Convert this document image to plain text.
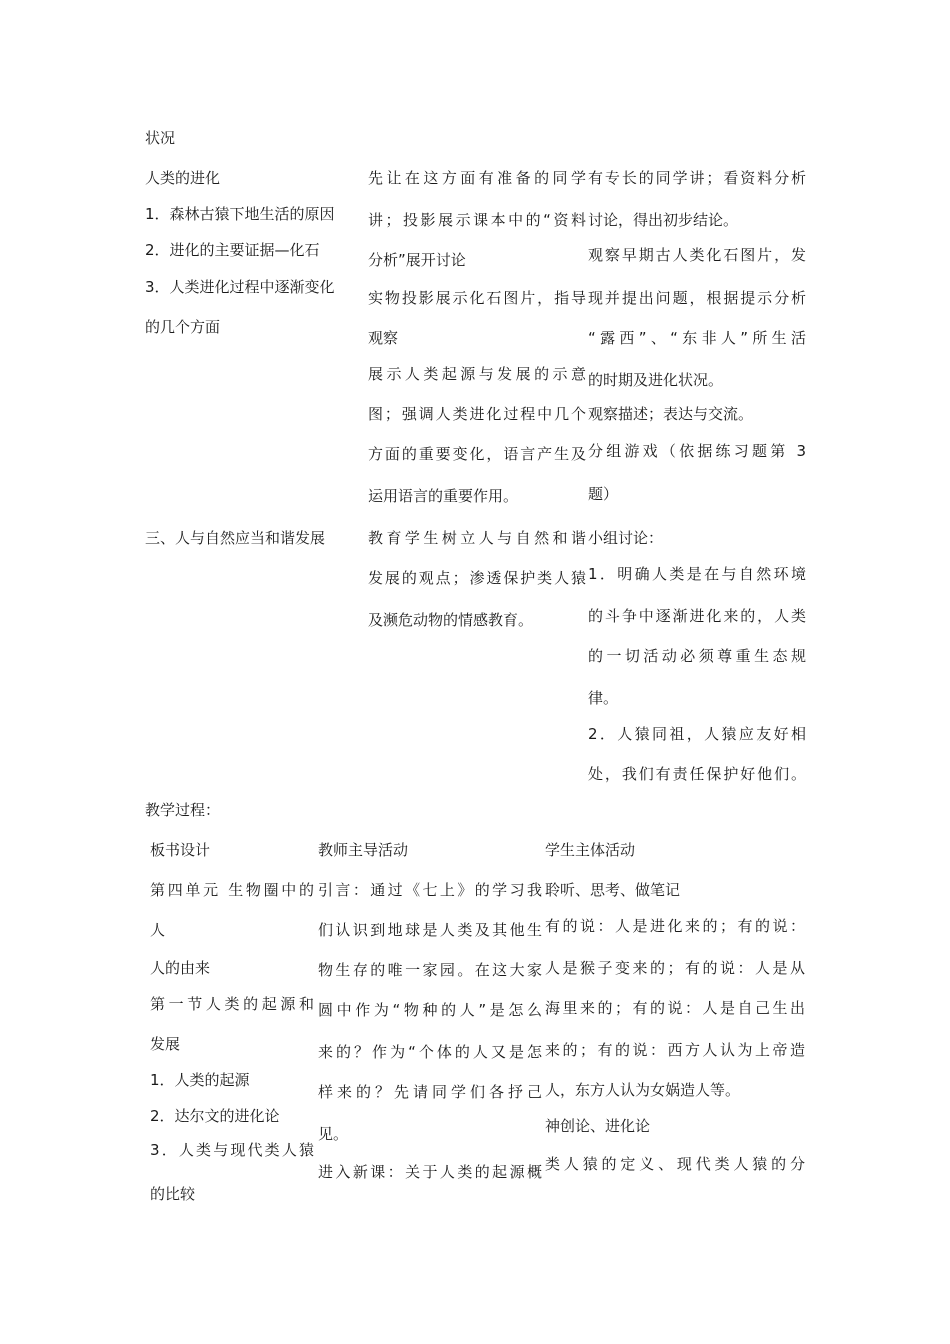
状况
人类的进化
1．森林古猿下地生活的原因
2．进化的主要证据—化石
3．人类进化过程中逐渐变化
的几个方面
三、人与自然应当和谐发展
先让在这方面有准备的同学
讲；投影展示课本中的“资料
分析”展开讨论
实物投影展示化石图片，指导
观察
展示人类起源与发展的示意
图；强调人类进化过程中几个
方面的重要变化，语言产生及
运用语言的重要作用。
教育学生树立人与自然和谐
发展的观点；渗透保护类人猿
及濒危动物的情感教育。
有专长的同学讲；看资料分析
讨论，得出初步结论。
观察早期古人类化石图片，发
现并提出问题，根据提示分析
“露西”、“东非人”所生活
的时期及进化状况。
观察描述；表达与交流。
分组游戏（依据练习题第 3
题）
小组讨论：
1．明确人类是在与自然环境
的斗争中逐渐进化来的，人类
的一切活动必须尊重生态规
律。
2．人猿同祖，人猿应友好相
处，我们有责任保护好他们。
教学过程：
板书设计	教师主导活动	学生主体活动
第四单元 生物圈中的
人
人的由来
第一节人类的起源和
发展
1．人类的起源
2．达尔文的进化论
3．人类与现代类人猿
的比较
引言：通过《七上》的学习我
们认识到地球是人类及其他生
物生存的唯一家园。在这大家
圆中作为“物种的人”是怎么
来的？作为“个体的人又是怎
样来的？先请同学们各抒己
见。
进入新课：关于人类的起源概
聆听、思考、做笔记
有的说：人是进化来的；有的说：
人是猴子变来的；有的说：人是从
海里来的；有的说：人是自己生出
来的；有的说：西方人认为上帝造
人，东方人认为女娲造人等。
神创论、进化论
类人猿的定义、现代类人猿的分
